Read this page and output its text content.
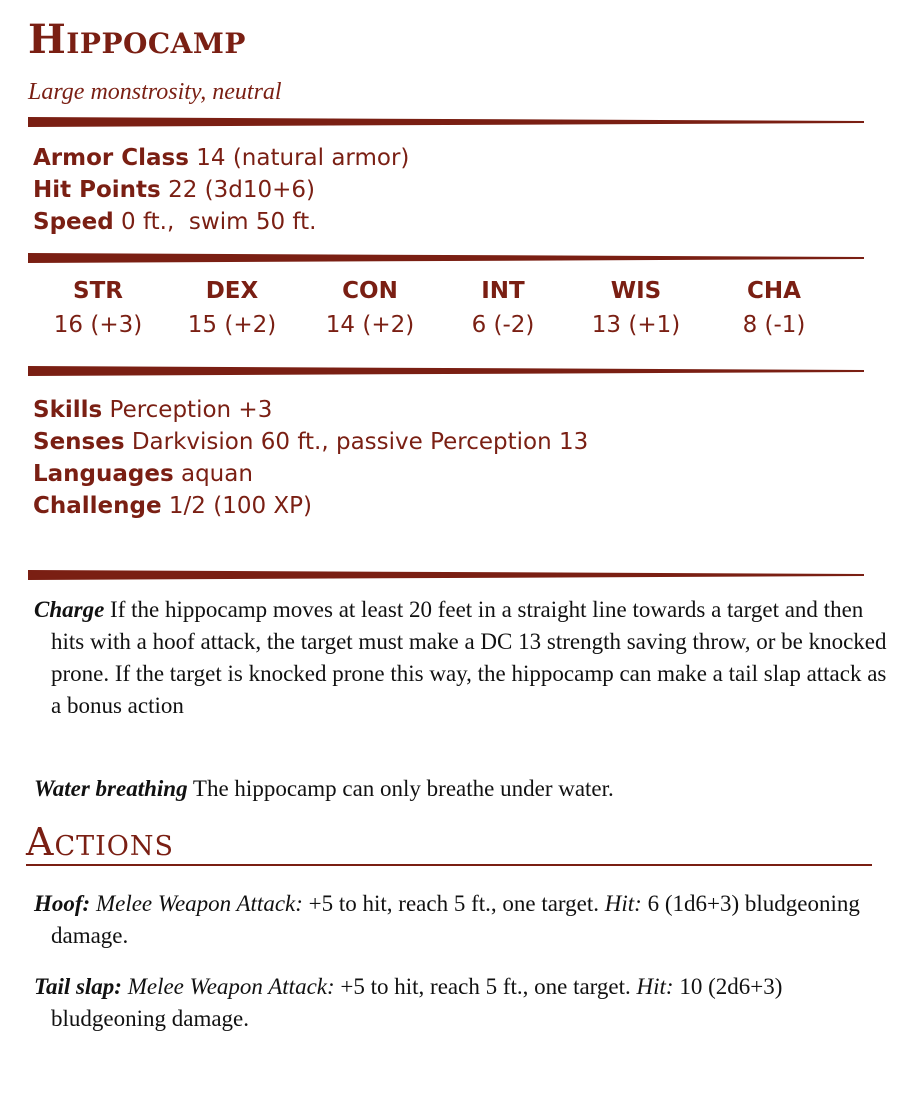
Hippocamp
Large monstrosity, neutral
Armor Class 14 (natural armor)
Hit Points 22 (3d10+6)
Speed 0 ft.,  swim 50 ft.
STR
16 (+3)
DEX
15 (+2)
CON
14 (+2)
INT
6 (-2)
WIS
13 (+1)
CHA
8 (-1)
Skills Perception +3
Senses Darkvision 60 ft., passive Perception 13
Languages aquan
Challenge 1/2 (100 XP)
Charge If the hippocamp moves at least 20 feet in a straight line towards a target and then hits with a hoof attack, the target must make a DC 13 strength saving throw, or be knocked prone. If the target is knocked prone this way, the hippocamp can make a tail slap attack as a bonus action
Water breathing The hippocamp can only breathe under water.
Actions
Hoof: Melee Weapon Attack: +5 to hit, reach 5 ft., one target. Hit: 6 (1d6+3) bludgeoning damage.
Tail slap: Melee Weapon Attack: +5 to hit, reach 5 ft., one target. Hit: 10 (2d6+3) bludgeoning damage.
